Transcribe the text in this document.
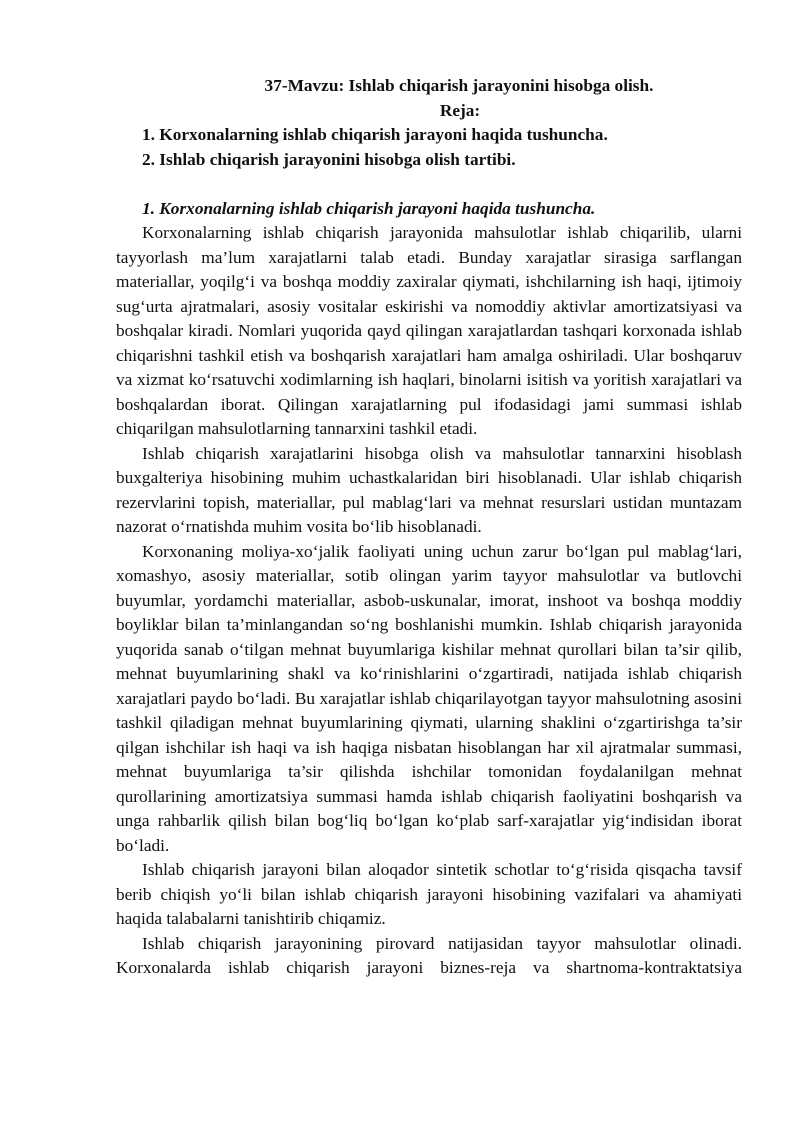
37-Mavzu: Ishlab chiqarish jarayonini hisobga olish.

Reja:

1. Korxonalarning ishlab chiqarish jarayoni haqida tushuncha.

2. Ishlab chiqarish jarayonini hisobga olish tartibi.

1. Korxonalarning ishlab chiqarish jarayoni haqida tushuncha.

Korxonalarning ishlab chiqarish jarayonida mahsulotlar ishlab chiqarilib, ularni tayyorlash ma’lum xarajatlarni talab etadi. Bunday xarajatlar sirasiga sarflangan materiallar, yoqilg‘i va boshqa moddiy zaxiralar qiymati, ishchilarning ish haqi, ijtimoiy sug‘urta ajratmalari, asosiy vositalar eskirishi va nomoddiy aktivlar amortizatsiyasi va boshqalar kiradi. Nomlari yuqorida qayd qilingan xarajatlardan tashqari korxonada ishlab chiqarishni tashkil etish va boshqarish xarajatlari ham amalga oshiriladi. Ular boshqaruv va xizmat ko‘rsatuvchi xodimlarning ish haqlari, binolarni isitish va yoritish xarajatlari va boshqalardan iborat. Qilingan xarajatlarning pul ifodasidagi jami summasi ishlab chiqarilgan mahsulotlarning tannarxini tashkil etadi.

Ishlab chiqarish xarajatlarini hisobga olish va mahsulotlar tannarxini hisoblash buxgalteriya hisobining muhim uchastkalaridan biri hisoblanadi. Ular ishlab chiqarish rezervlarini topish, materiallar, pul mablag‘lari va mehnat resurslari ustidan muntazam nazorat o‘rnatishda muhim vosita bo‘lib hisoblanadi.

Korxonaning moliya-xo‘jalik faoliyati uning uchun zarur bo‘lgan pul mablag‘lari, xomashyo, asosiy materiallar, sotib olingan yarim tayyor mahsulotlar va butlovchi buyumlar, yordamchi materiallar, asbob-uskunalar, imorat, inshoot va boshqa moddiy boyliklar bilan ta’minlangandan so‘ng boshlanishi mumkin. Ishlab chiqarish jarayonida yuqorida sanab o‘tilgan mehnat buyumlariga kishilar mehnat qurollari bilan ta’sir qilib, mehnat buyumlarining shakl va ko‘rinishlarini o‘zgartiradi, natijada ishlab chiqarish xarajatlari paydo bo‘ladi. Bu xarajatlar ishlab chiqarilayotgan tayyor mahsulotning asosini tashkil qiladigan mehnat buyumlarining qiymati, ularning shaklini o‘zgartirishga ta’sir qilgan ishchilar ish haqi va ish haqiga nisbatan hisoblangan har xil ajratmalar summasi, mehnat buyumlariga ta’sir qilishda ishchilar tomonidan foydalanilgan mehnat qurollarining amortizatsiya summasi hamda ishlab chiqarish faoliyatini boshqarish va unga rahbarlik qilish bilan bog‘liq bo‘lgan ko‘plab sarf-xarajatlar yig‘indisidan iborat bo‘ladi.

Ishlab chiqarish jarayoni bilan aloqador sintetik schotlar to‘g‘risida qisqacha tavsif berib chiqish yo‘li bilan ishlab chiqarish jarayoni hisobining vazifalari va ahamiyati haqida talabalarni tanishtirib chiqamiz.

Ishlab chiqarish jarayonining pirovard natijasidan tayyor mahsulotlar olinadi. Korxonalarda ishlab chiqarish jarayoni biznes-reja va shartnoma-kontraktatsiya
